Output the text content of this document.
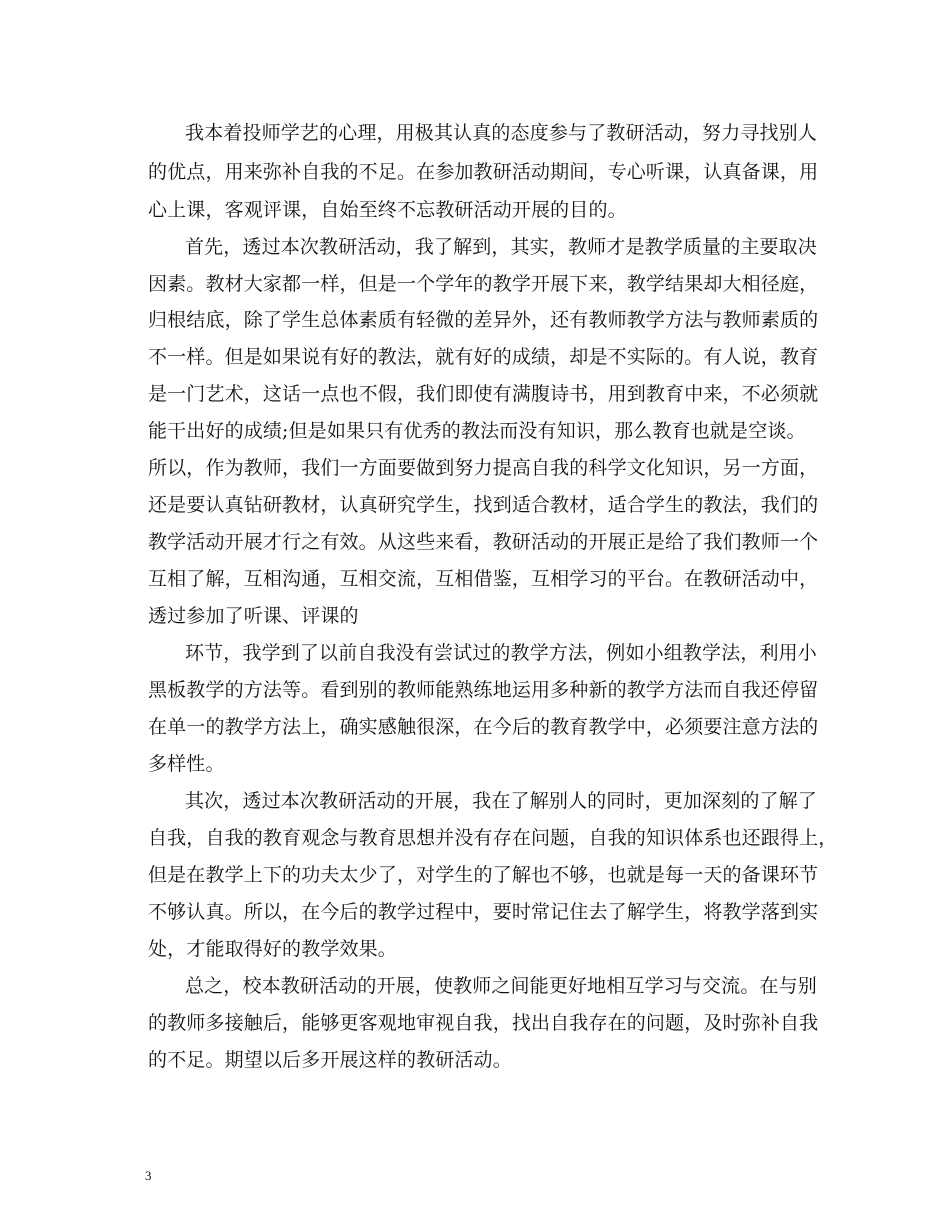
我本着投师学艺的心理，用极其认真的态度参与了教研活动，努力寻找别人

的优点，用来弥补自我的不足。在参加教研活动期间，专心听课，认真备课，用

心上课，客观评课，自始至终不忘教研活动开展的目的。

首先，透过本次教研活动，我了解到，其实，教师才是教学质量的主要取决

因素。教材大家都一样，但是一个学年的教学开展下来，教学结果却大相径庭，

归根结底，除了学生总体素质有轻微的差异外，还有教师教学方法与教师素质的

不一样。但是如果说有好的教法，就有好的成绩，却是不实际的。有人说，教育

是一门艺术，这话一点也不假，我们即使有满腹诗书，用到教育中来，不必须就

能干出好的成绩;但是如果只有优秀的教法而没有知识，那么教育也就是空谈。

所以，作为教师，我们一方面要做到努力提高自我的科学文化知识，另一方面，

还是要认真钻研教材，认真研究学生，找到适合教材，适合学生的教法，我们的

教学活动开展才行之有效。从这些来看，教研活动的开展正是给了我们教师一个

互相了解，互相沟通，互相交流，互相借鉴，互相学习的平台。在教研活动中，

透过参加了听课、评课的

环节，我学到了以前自我没有尝试过的教学方法，例如小组教学法，利用小

黑板教学的方法等。看到别的教师能熟练地运用多种新的教学方法而自我还停留

在单一的教学方法上，确实感触很深，在今后的教育教学中，必须要注意方法的

多样性。

其次，透过本次教研活动的开展，我在了解别人的同时，更加深刻的了解了

自我，自我的教育观念与教育思想并没有存在问题，自我的知识体系也还跟得上，

但是在教学上下的功夫太少了，对学生的了解也不够，也就是每一天的备课环节

不够认真。所以，在今后的教学过程中，要时常记住去了解学生，将教学落到实

处，才能取得好的教学效果。

总之，校本教研活动的开展，使教师之间能更好地相互学习与交流。在与别

的教师多接触后，能够更客观地审视自我，找出自我存在的问题，及时弥补自我

的不足。期望以后多开展这样的教研活动。

3
